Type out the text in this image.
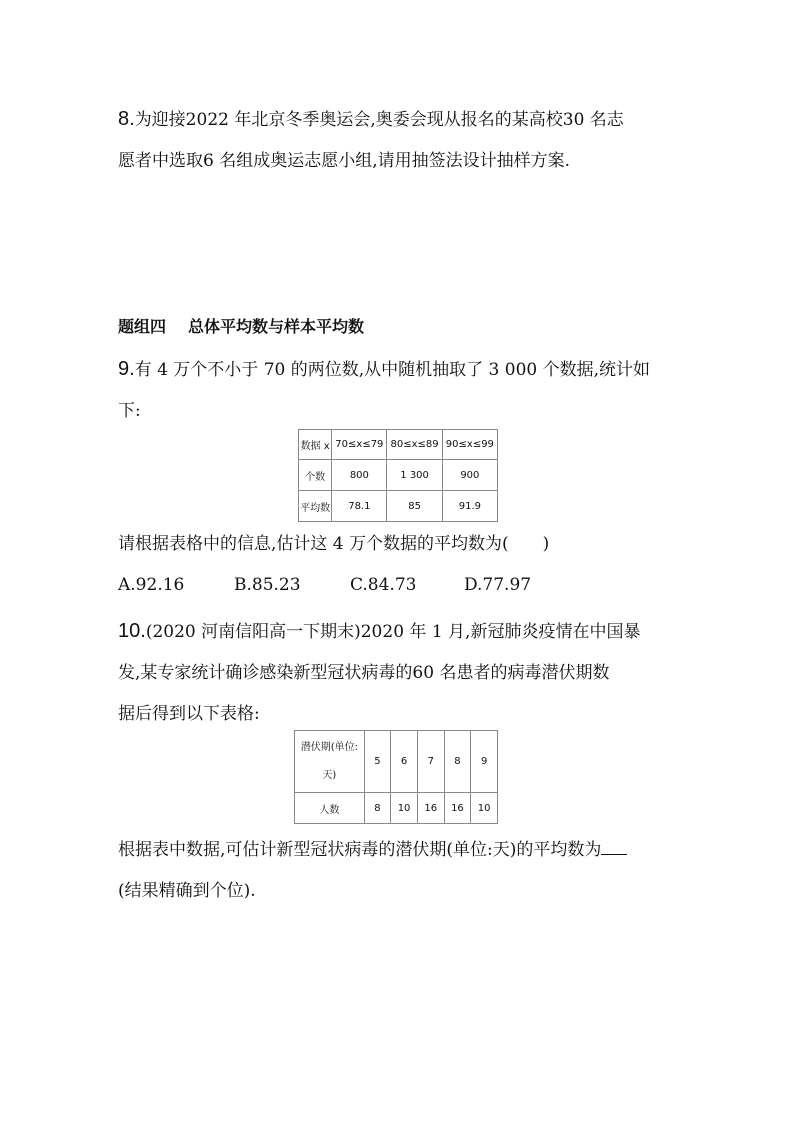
8.为迎接2022 年北京冬季奥运会,奥委会现从报名的某高校30 名志
愿者中选取6 名组成奥运志愿小组,请用抽签法设计抽样方案.
题组四 总体平均数与样本平均数
9.有 4 万个不小于 70 的两位数,从中随机抽取了 3 000 个数据,统计如
下:
数据 x	70≤x≤79	80≤x≤89	90≤x≤99
个数	800	1 300	900
平均数	78.1	85	91.9
请根据表格中的信息,估计这 4 万个数据的平均数为(　　)
A.92.16	B.85.23	C.84.73	D.77.97
10.(2020 河南信阳高一下期末)2020 年 1 月,新冠肺炎疫情在中国暴
发,某专家统计确诊感染新型冠状病毒的60 名患者的病毒潜伏期数
据后得到以下表格:
潜伏期(单位:
天)	5	6	7	8	9
人数	8	10	16	16	10
根据表中数据,可估计新型冠状病毒的潜伏期(单位:天)的平均数为
(结果精确到个位).
